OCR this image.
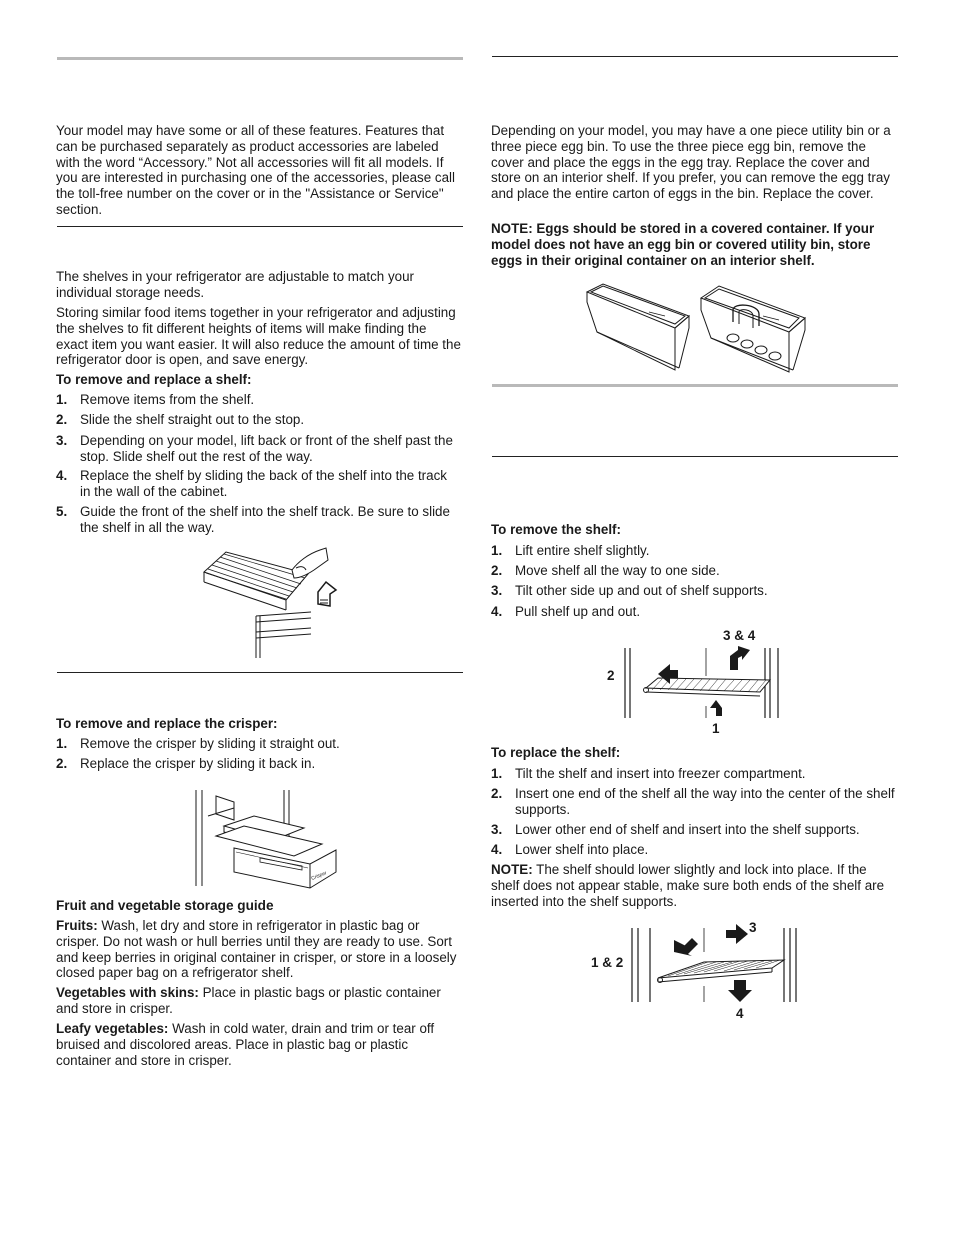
Your model may have some or all of these features. Features that can be purchased separately as product accessories are labeled with the word “Accessory.” Not all accessories will fit all models. If you are interested in purchasing one of the accessories, please call the toll-free number on the cover or in the "Assistance or Service" section.

The shelves in your refrigerator are adjustable to match your individual storage needs.

Storing similar food items together in your refrigerator and adjusting the shelves to fit different heights of items will make finding the exact item you want easier. It will also reduce the amount of time the refrigerator door is open, and save energy.

To remove and replace a shelf:

1. Remove items from the shelf.
2. Slide the shelf straight out to the stop.
3. Depending on your model, lift back or front of the shelf past the stop. Slide shelf out the rest of the way.
4. Replace the shelf by sliding the back of the shelf into the track in the wall of the cabinet.
5. Guide the front of the shelf into the shelf track. Be sure to slide the shelf in all the way.

To remove and replace the crisper:

1. Remove the crisper by sliding it straight out.
2. Replace the crisper by sliding it back in.
Crisper
Fruit and vegetable storage guide

Fruits: Wash, let dry and store in refrigerator in plastic bag or crisper. Do not wash or hull berries until they are ready to use. Sort and keep berries in original container in crisper, or store in a loosely closed paper bag on a refrigerator shelf.

Vegetables with skins: Place in plastic bags or plastic container and store in crisper.

Leafy vegetables: Wash in cold water, drain and trim or tear off bruised and discolored areas. Place in plastic bag or plastic container and store in crisper.

Depending on your model, you may have a one piece utility bin or a three piece egg bin. To use the three piece egg bin, remove the cover and place the eggs in the egg tray. Replace the cover and store on an interior shelf. If you prefer, you can remove the egg tray and place the entire carton of eggs in the bin. Replace the cover.

NOTE: Eggs should be stored in a covered container. If your model does not have an egg bin or covered utility bin, store eggs in their original container on an interior shelf.

To remove the shelf:

1. Lift entire shelf slightly.
2. Move shelf all the way to one side.
3. Tilt other side up and out of shelf supports.
4. Pull shelf up and out.
3 & 4
2
1

To replace the shelf:

1. Tilt the shelf and insert into freezer compartment.
2. Insert one end of the shelf all the way into the center of the shelf supports.
3. Lower other end of shelf and insert into the shelf supports.
4. Lower shelf into place.

NOTE: The shelf should lower slightly and lock into place. If the shelf does not appear stable, make sure both ends of the shelf are inserted into the shelf supports.

3
1 & 2
4
